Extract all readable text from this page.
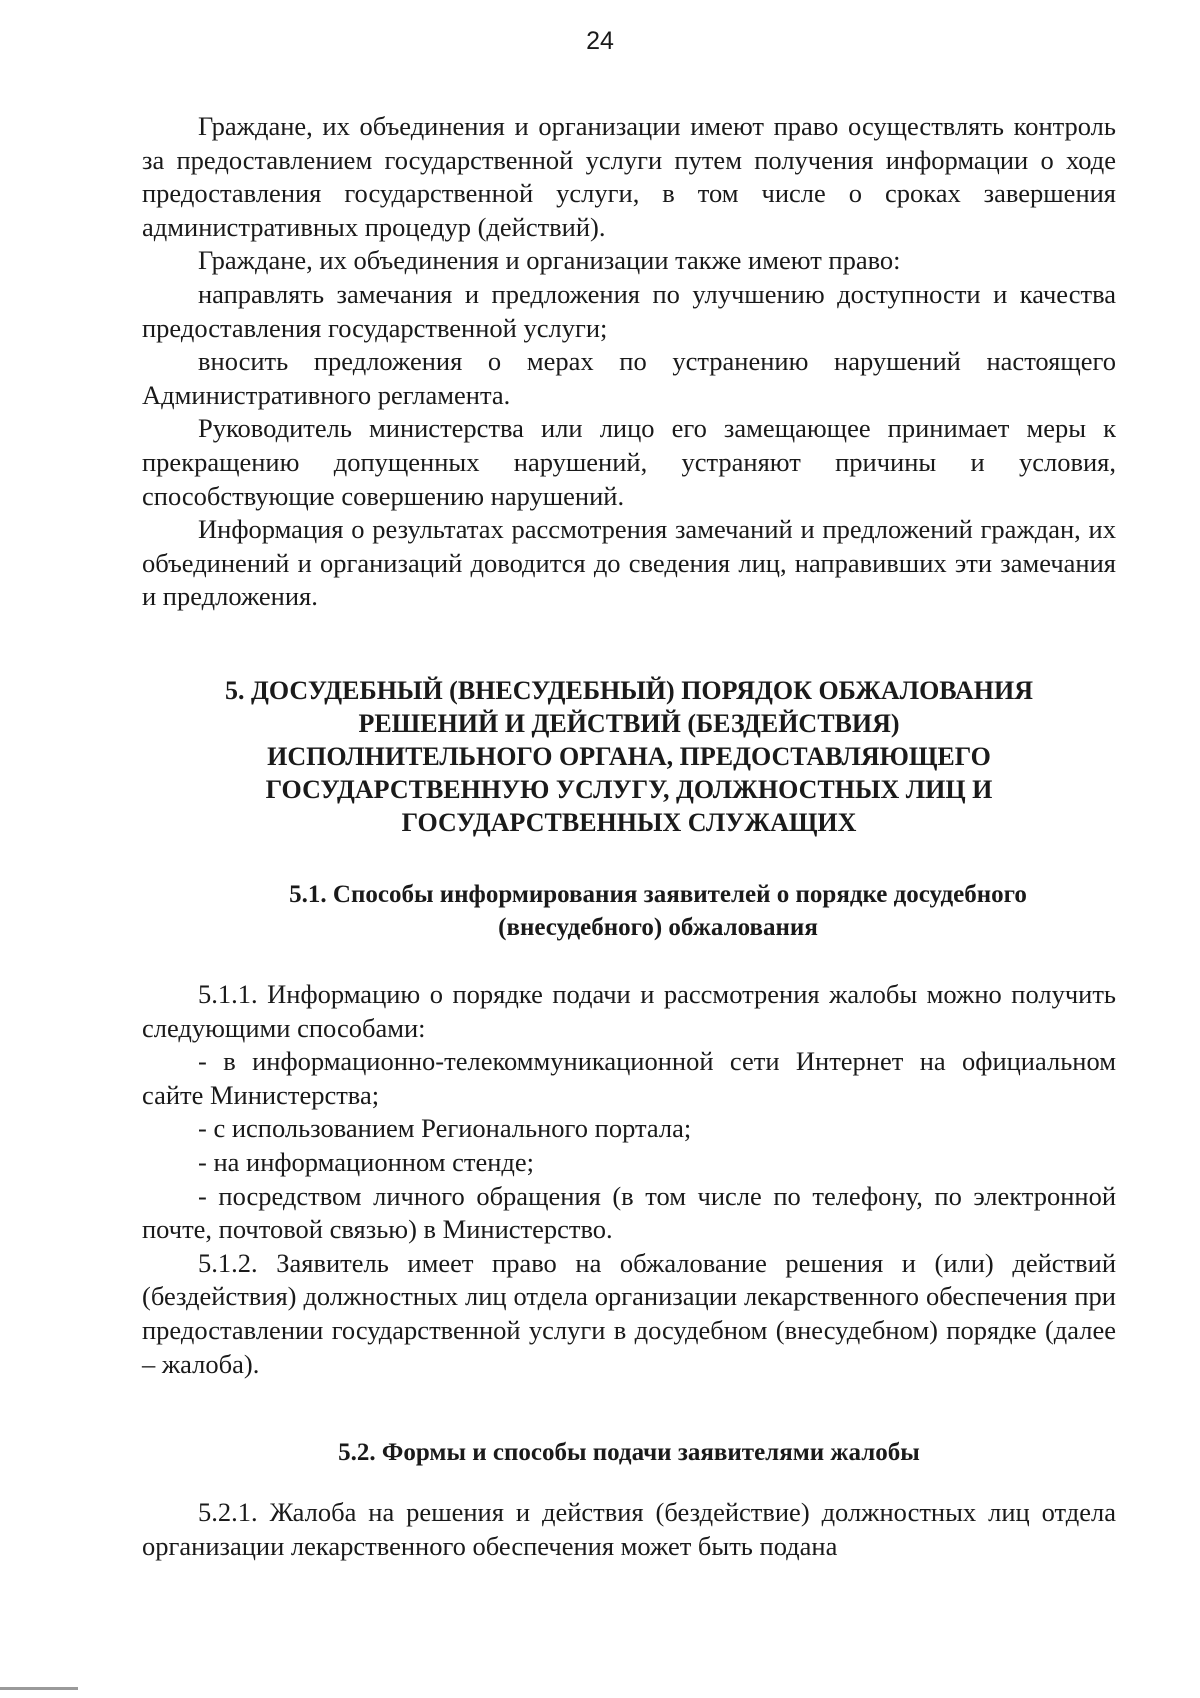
24

Граждане, их объединения и организации имеют право осуществлять контроль за предоставлением государственной услуги путем получения информации о ходе предоставления государственной услуги, в том числе о сроках завершения административных процедур (действий).

Граждане, их объединения и организации также имеют право:

направлять замечания и предложения по улучшению доступности и качества предоставления государственной услуги;

вносить предложения о мерах по устранению нарушений настоящего Административного регламента.

Руководитель министерства или лицо его замещающее принимает меры к прекращению допущенных нарушений, устраняют причины и условия, способствующие совершению нарушений.

Информация о результатах рассмотрения замечаний и предложений граждан, их объединений и организаций доводится до сведения лиц, направивших эти замечания и предложения.

5. ДОСУДЕБНЫЙ (ВНЕСУДЕБНЫЙ) ПОРЯДОК ОБЖАЛОВАНИЯ
РЕШЕНИЙ И ДЕЙСТВИЙ (БЕЗДЕЙСТВИЯ)
ИСПОЛНИТЕЛЬНОГО ОРГАНА, ПРЕДОСТАВЛЯЮЩЕГО
ГОСУДАРСТВЕННУЮ УСЛУГУ, ДОЛЖНОСТНЫХ ЛИЦ И
ГОСУДАРСТВЕННЫХ СЛУЖАЩИХ
5.1. Способы информирования заявителей о порядке досудебного
(внесудебного) обжалования

5.1.1. Информацию о порядке подачи и рассмотрения жалобы можно получить следующими способами:

- в информационно-телекоммуникационной сети Интернет на официальном сайте Министерства;

- с использованием Регионального портала;

- на информационном стенде;

- посредством личного обращения (в том числе по телефону, по электронной почте, почтовой связью) в Министерство.

5.1.2. Заявитель имеет право на обжалование решения и (или) действий (бездействия) должностных лиц отдела организации лекарственного обеспечения при предоставлении государственной услуги в досудебном (внесудебном) порядке (далее – жалоба).

5.2. Формы и способы подачи заявителями жалобы

5.2.1. Жалоба на решения и действия (бездействие) должностных лиц отдела организации лекарственного обеспечения может быть подана
